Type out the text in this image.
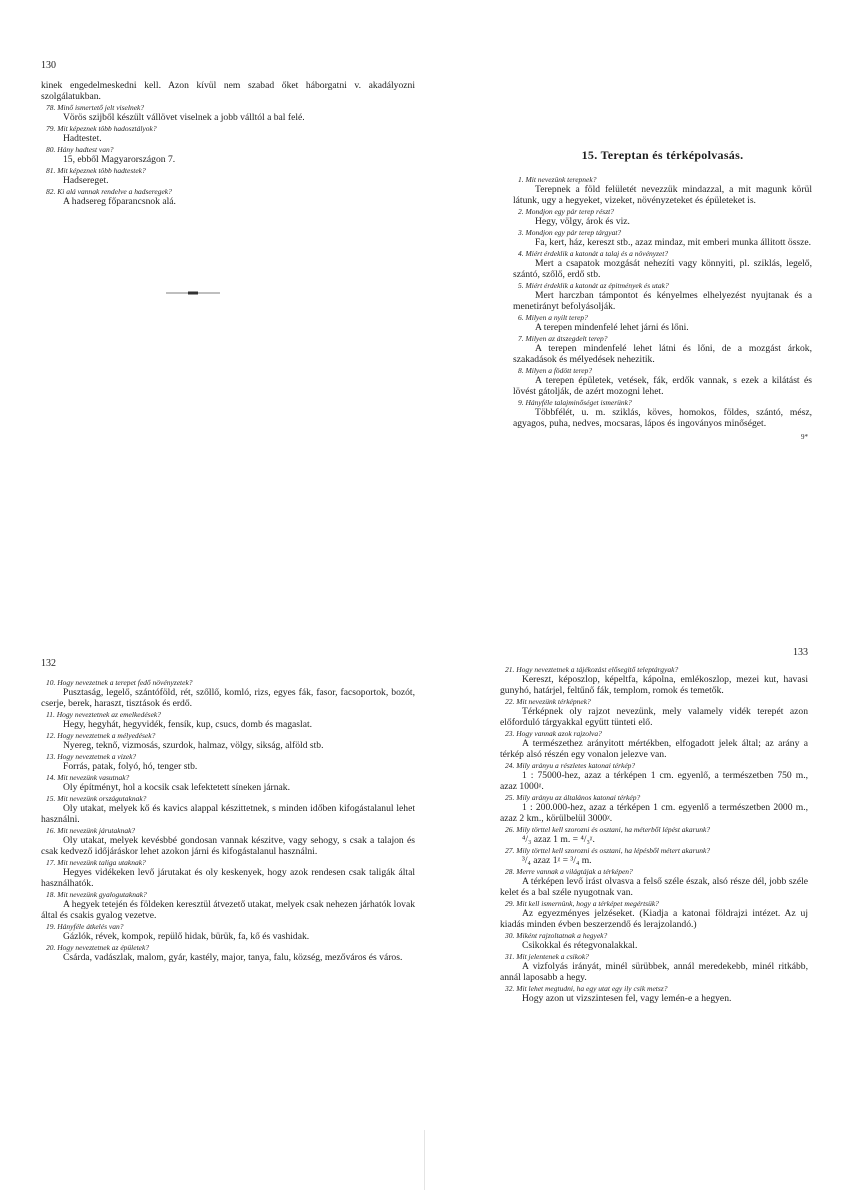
130
kinek engedelmeskedni kell. Azon kívül nem szabad őket háborgatni v. akadályozni szolgálatukban.
78. Minő ismertető jelt viselnek?
Vörös szijből készült vállövet viselnek a jobb válltól a bal felé.
79. Mit képeznek több hadosztályok?
Hadtestet.
80. Hány hadtest van?
15, ebből Magyarországon 7.
81. Mit képeznek több hadtestek?
Hadsereget.
82. Ki alá vannak rendelve a hadseregek?
A hadsereg főparancsnok alá.
15. Tereptan és térképolvasás.
1. Mit nevezünk terepnek?
Terepnek a föld felületét nevezzük mindazzal, a mit magunk körül látunk, ugy a hegyeket, vizeket, növényzeteket és épületeket is.
2. Mondjon egy pár terep részt?
Hegy, völgy, árok és viz.
3. Mondjon egy pár terep tárgyat?
Fa, kert, ház, kereszt stb., azaz mindaz, mit emberi munka állitott össze.
4. Miért érdeklik a katonát a talaj és a növényzet?
Mert a csapatok mozgását nehezíti vagy könnyiti, pl. sziklás, legelő, szántó, szőlő, erdő stb.
5. Miért érdeklik a katonát az épitmények és utak?
Mert harczban támpontot és kényelmes elhelyezést nyujtanak és a menetirányt befolyásolják.
6. Milyen a nyilt terep?
A terepen mindenfelé lehet járni és lőni.
7. Milyen az átszegdelt terep?
A terepen mindenfelé lehet látni és lőni, de a mozgást árkok, szakadások és mélyedések nehezitik.
8. Milyen a födött terep?
A terepen épületek, vetések, fák, erdők vannak, s ezek a kilátást és lövést gátolják, de azért mozogni lehet.
9. Hányféle talajminőséget ismerünk?
Többfélét, u. m. sziklás, köves, homokos, földes, szántó, mész, agyagos, puha, nedves, mocsaras, lápos és ingoványos minőséget.
9*
132
10. Hogy nevezetnek a terepet fedő növényzetek?
Pusztaság, legelő, szántóföld, rét, szőllő, komló, rizs, egyes fák, fasor, facsoportok, bozót, cserje, berek, haraszt, tisztások és erdő.
11. Hogy neveztetnek az emelkedések?
Hegy, hegyhát, hegyvidék, fensík, kup, csucs, domb és magaslat.
12. Hogy neveztetnek a mélyedések?
Nyereg, teknő, vizmosás, szurdok, halmaz, völgy, sikság, alföld stb.
13. Hogy neveztetnek a vizek?
Forrás, patak, folyó, hó, tenger stb.
14. Mit nevezünk vasutnak?
Oly építményt, hol a kocsik csak lefektetett síneken járnak.
15. Mit nevezünk országutaknak?
Oly utakat, melyek kő és kavics alappal készittetnek, s minden időben kifogástalanul lehet használni.
16. Mit nevezünk járutaknak?
Oly utakat, melyek kevésbbé gondosan vannak készitve, vagy sehogy, s csak a talajon és csak kedvező időjáráskor lehet azokon járni és kifogástalanul használni.
17. Mit nevezünk taliga utaknak?
Hegyes vidékeken levő járutakat és oly keskenyek, hogy azok rendesen csak taligák által használhatók.
18. Mit nevezünk gyalogutaknak?
A hegyek tetején és földeken keresztül átvezető utakat, melyek csak nehezen járhatók lovak által és csakis gyalog vezetve.
19. Hányféle átkelés van?
Gázlók, révek, kompok, repülő hidak, bürük, fa, kő és vashidak.
20. Hogy neveztetnek az épületek?
Csárda, vadászlak, malom, gyár, kastély, major, tanya, falu, község, mezőváros és város.
133
21. Hogy neveztetnek a tájékozást elősegitő teleptárgyak?
Kereszt, képoszlop, képeltfa, kápolna, emlékoszlop, mezei kut, havasi gunyhó, határjel, feltűnő fák, templom, romok és temetők.
22. Mit nevezünk térképnek?
Térképnek oly rajzot nevezünk, mely valamely vidék terepét azon előforduló tárgyakkal együtt tünteti elő.
23. Hogy vannak azok rajzolva?
A természethez arányitott mértékben, elfogadott jelek által; az arány a térkép alsó részén egy vonalon jelezve van.
24. Mily arányu a részletes katonai térkép?
1 : 75000-hez, azaz a térképen 1 cm. egyenlő, a természetben 750 m., azaz 1000ᵡ.
25. Mily arányu az általános katonai térkép?
1 : 200.000-hez, azaz a térképen 1 cm. egyenlő a természetben 2000 m., azaz 2 km., körülbelül 3000ᵡ.
26. Mily törttel kell szorozni és osztani, ha méterből lépést akarunk?
⁴/₃ azaz 1 m. = ⁴/₃ᵡ.
27. Mily törttel kell szorozni és osztani, ha lépésből métert akarunk?
³/₄ azaz 1ᵡ = ³/₄ m.
28. Merre vannak a világtájak a térképen?
A térképen levő irást olvasva a felső széle észak, alsó része dél, jobb széle kelet és a bal széle nyugotnak van.
29. Mit kell ismernünk, hogy a térképet megértsük?
Az egyezményes jelzéseket. (Kiadja a katonai földrajzi intézet. Az uj kiadás minden évben beszerzendő és lerajzolandó.)
30. Miként rajzoltatnak a hegyek?
Csikokkal és rétegvonalakkal.
31. Mit jelentenek a csikok?
A vizfolyás irányát, minél sürübbek, annál meredekebb, minél ritkább, annál laposabb a hegy.
32. Mit lehet megtudni, ha egy utat egy ily csik metsz?
Hogy azon ut vizszintesen fel, vagy lemén-e a hegyen.
